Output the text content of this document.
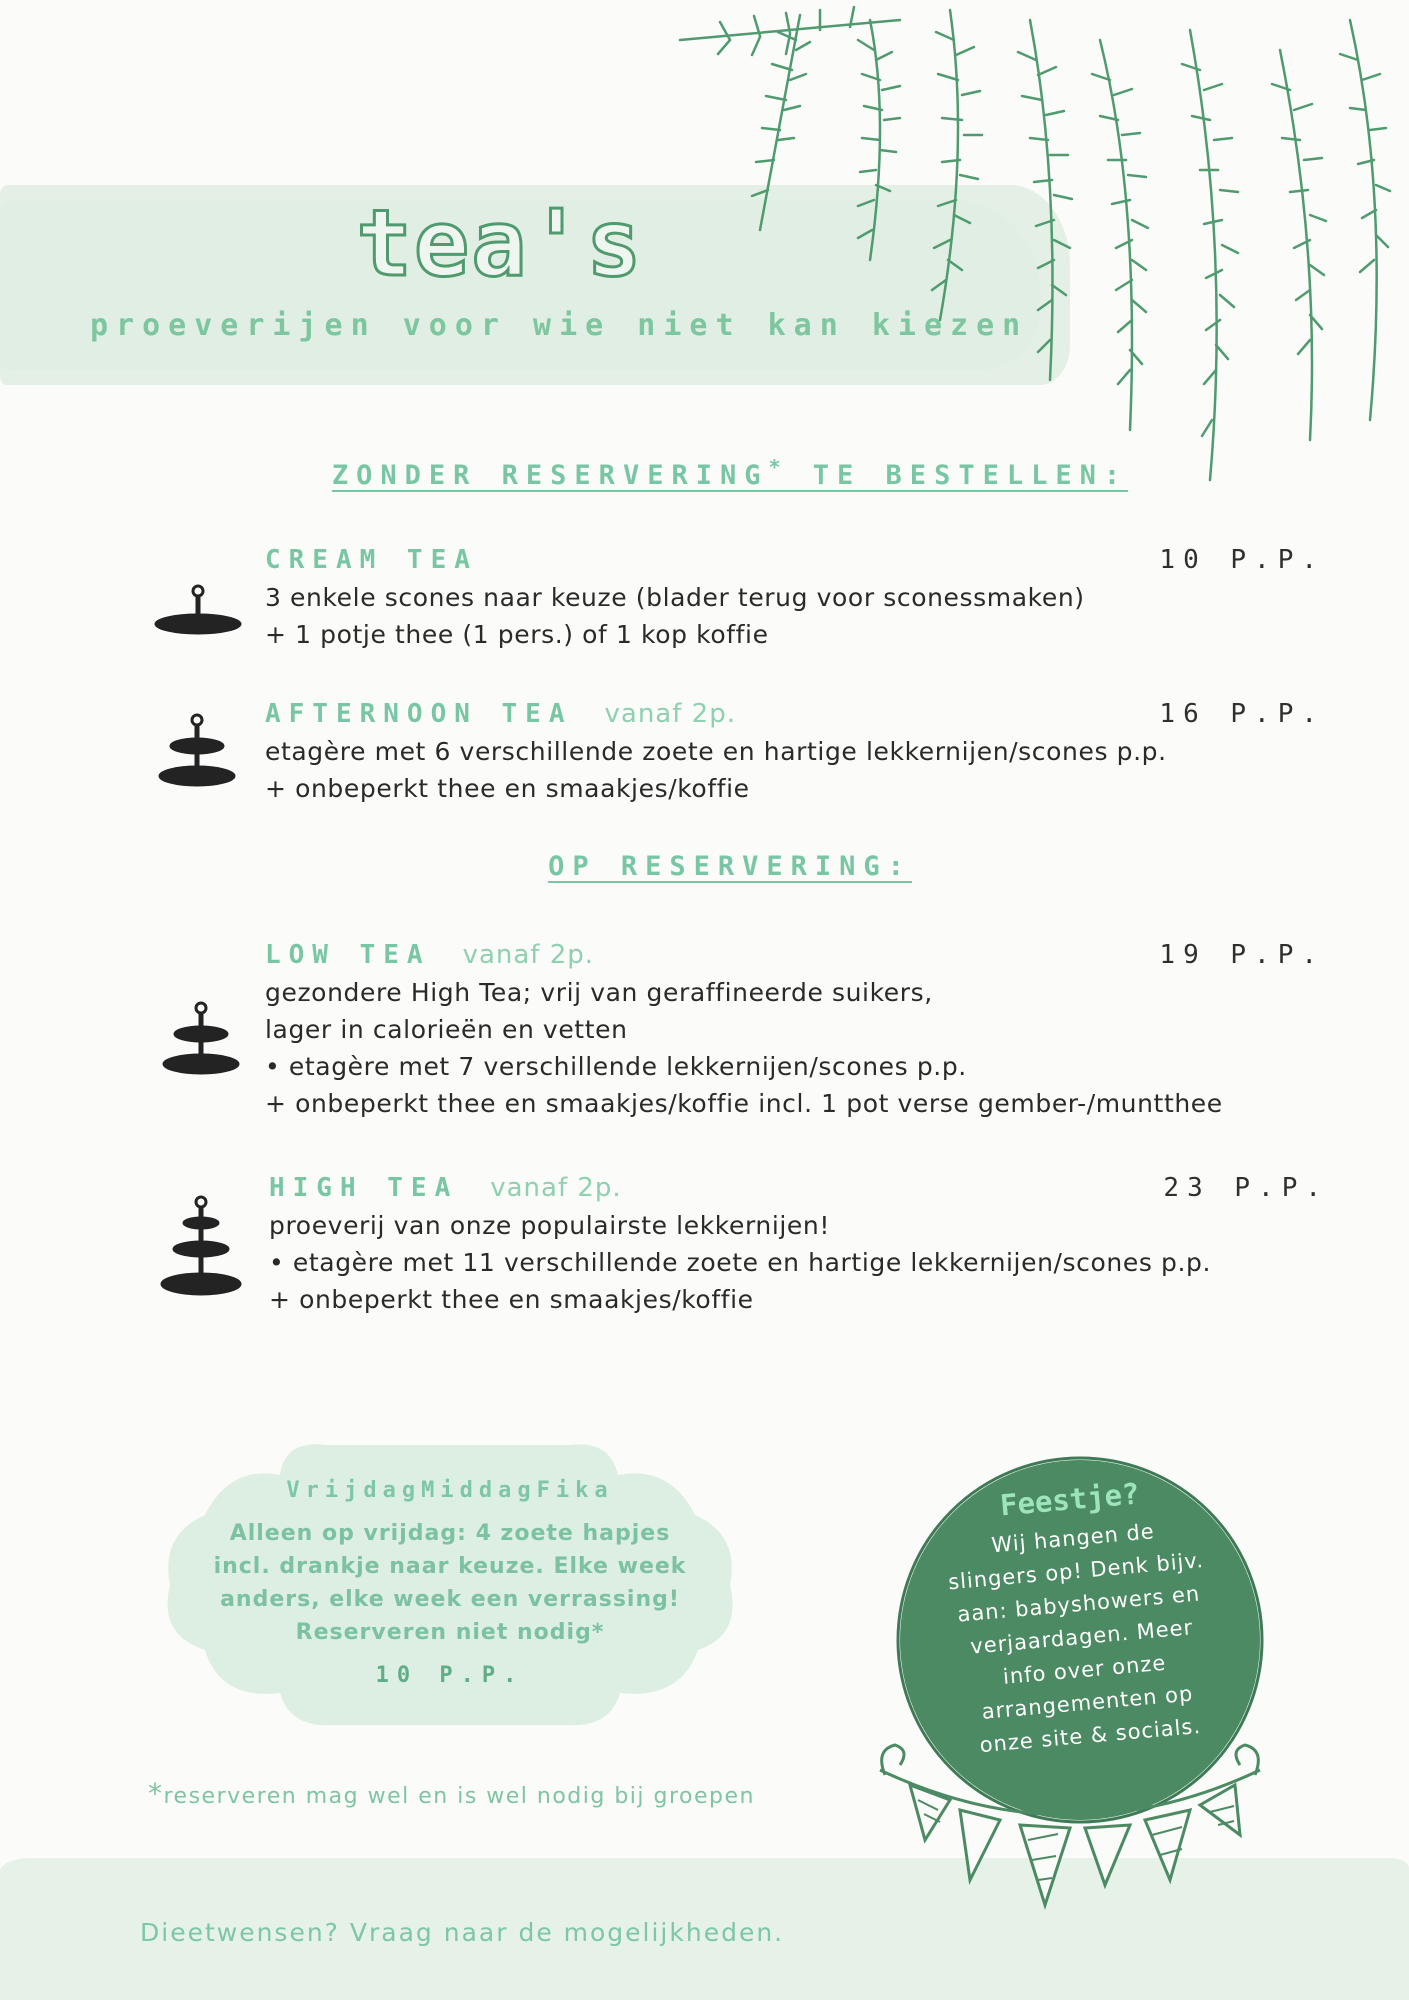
tea's
proeverijen voor wie niet kan kiezen
ZONDER RESERVERING* TE BESTELLEN:
OP RESERVERING:
CREAM TEA	10 P.P.
3 enkele scones naar keuze (blader terug voor sconessmaken)
+ 1 potje thee (1 pers.) of 1 kop koffie
AFTERNOON TEA vanaf 2p.	16 P.P.
etagère met 6 verschillende zoete en hartige lekkernijen/scones p.p.
+ onbeperkt thee en smaakjes/koffie
LOW TEA vanaf 2p.	19 P.P.
gezondere High Tea; vrij van geraffineerde suikers,
lager in calorieën en vetten
• etagère met 7 verschillende lekkernijen/scones p.p.
+ onbeperkt thee en smaakjes/koffie incl. 1 pot verse gember-/muntthee
HIGH TEA vanaf 2p.	23 P.P.
proeverij van onze populairste lekkernijen!
• etagère met 11 verschillende zoete en hartige lekkernijen/scones p.p.
+ onbeperkt thee en smaakjes/koffie
VrijdagMiddagFika
Alleen op vrijdag: 4 zoete hapjes
incl. drankje naar keuze. Elke week
anders, elke week een verrassing!
Reserveren niet nodig*
10 P.P.
*reserveren mag wel en is wel nodig bij groepen
Feestje?
Wij hangen de
slingers op! Denk bijv.
aan: babyshowers en
verjaardagen. Meer
info over onze
arrangementen op
onze site & socials.
Dieetwensen? Vraag naar de mogelijkheden.
